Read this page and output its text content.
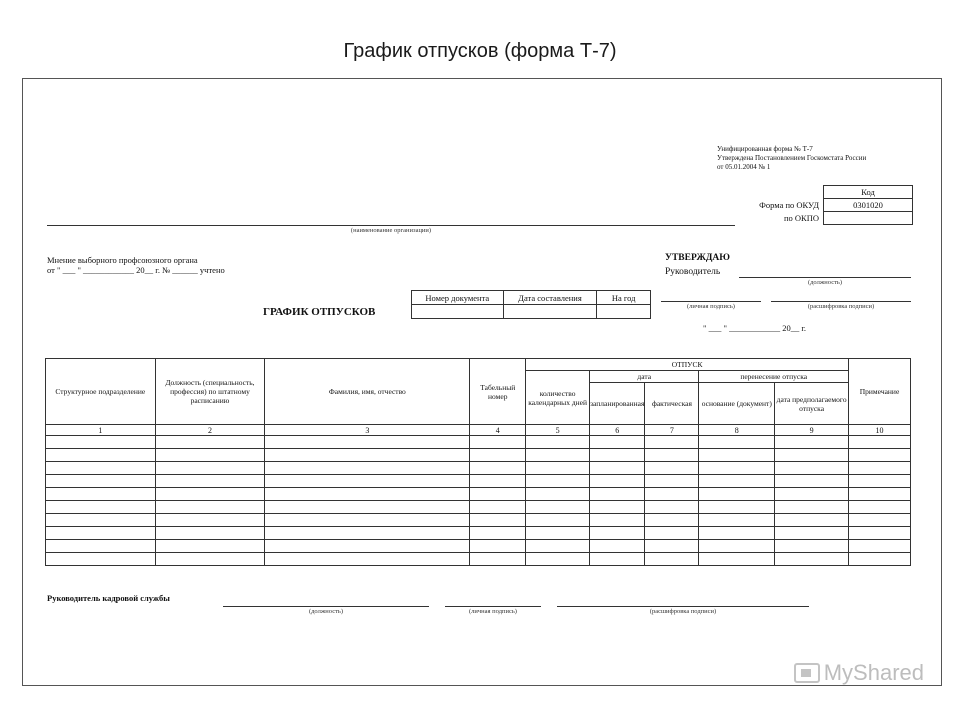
График отпусков (форма Т-7)
Унифицированная форма № Т-7
Утверждена Постановлением Госкомстата России
от 05.01.2004 № 1
Код
0301020

Форма по ОКУД
по ОКПО
(наименование организации)
Мнение выборного профсоюзного органа
от " ___ " ____________ 20__ г. № ______ учтено
УТВЕРЖДАЮ
Руководитель
(должность)
(личная подпись)	(расшифровка подписи)
" ___ " ____________ 20__ г.
ГРАФИК ОТПУСКОВ
Номер документа	Дата составления	На год

Структурное подразделение	Должность (специальность, профессия) по штатному расписанию	Фамилия, имя, отчество	Табельный номер	ОТПУСК					Примечание
				количество календарных дней	дата		перенесение отпуска		
					запланированная	фактическая	основание (документ)	дата предполагаемого отпуска	
1	2	3	4	5	6	7	8	9	10

Руководитель кадровой службы
(должность)	(личная подпись)	(расшифровка подписи)
MyShared
